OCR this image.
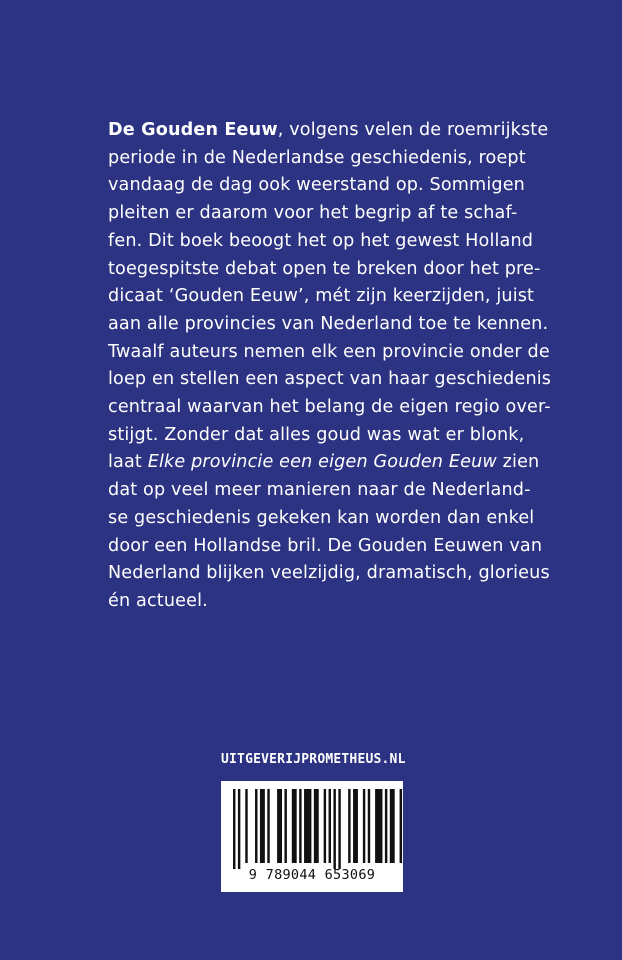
De Gouden Eeuw, volgens velen de roemrijkste

periode in de Nederlandse geschiedenis, roept

vandaag de dag ook weerstand op. Sommigen

pleiten er daarom voor het begrip af te schaf-

fen. Dit boek beoogt het op het gewest Holland

toegespitste debat open te breken door het pre-

dicaat ‘Gouden Eeuw’, mét zijn keerzijden, juist

aan alle provincies van Nederland toe te kennen.

Twaalf auteurs nemen elk een provincie onder de

loep en stellen een aspect van haar geschiedenis

centraal waarvan het belang de eigen regio over-

stijgt. Zonder dat alles goud was wat er blonk,

laat Elke provincie een eigen Gouden Eeuw zien

dat op veel meer manieren naar de Nederland-

se geschiedenis gekeken kan worden dan enkel

door een Hollandse bril. De Gouden Eeuwen van

Nederland blijken veelzijdig, dramatisch, glorieus

én actueel.

UITGEVERIJPROMETHEUS.NL
9 789044 653069
